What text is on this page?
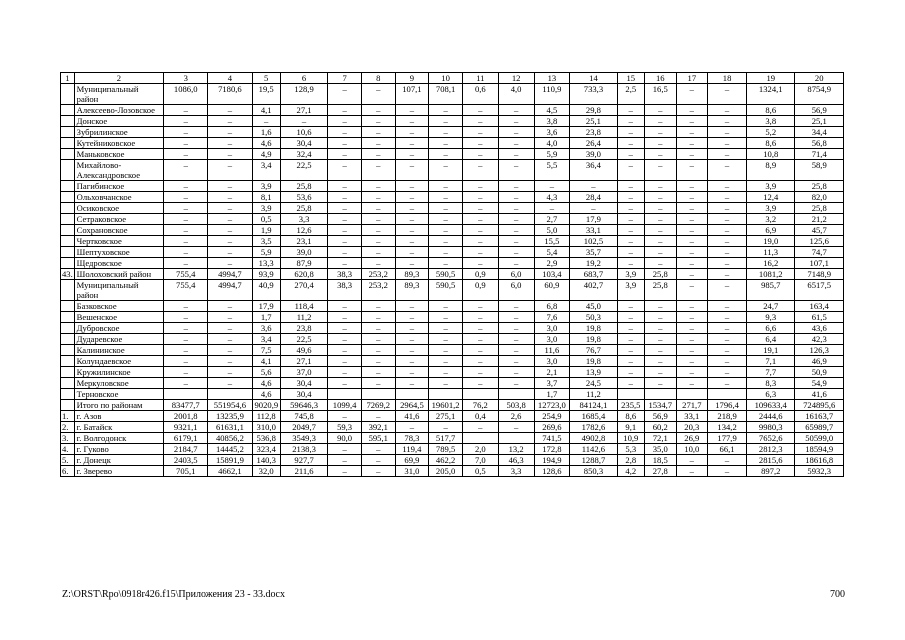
1	2	3	4	5	6	7	8	9	10	11	12	13	14	15	16	17	18	19	20
	Муниципальный район	1086,0	7180,6	19,5	128,9	–	–	107,1	708,1	0,6	4,0	110,9	733,3	2,5	16,5	–	–	1324,1	8754,9
	Алексеево-Лозовское	–	–	4,1	27,1	–	–	–	–	–	–	4,5	29,8	–	–	–	–	8,6	56,9
	Донское	–	–	–	–	–	–	–	–	–	–	3,8	25,1	–	–	–	–	3,8	25,1
	Зубрилинское	–	–	1,6	10,6	–	–	–	–	–	–	3,6	23,8	–	–	–	–	5,2	34,4
	Кутейниковское	–	–	4,6	30,4	–	–	–	–	–	–	4,0	26,4	–	–	–	–	8,6	56,8
	Маньковское	–	–	4,9	32,4	–	–	–	–	–	–	5,9	39,0	–	–	–	–	10,8	71,4
	Михайлово-Александровское	–	–	3,4	22,5	–	–	–	–	–	–	5,5	36,4	–	–	–	–	8,9	58,9
	Пагибинское	–	–	3,9	25,8	–	–	–	–	–	–	–	–	–	–	–	–	3,9	25,8
	Ольховчанское	–	–	8,1	53,6	–	–	–	–	–	–	4,3	28,4	–	–	–	–	12,4	82,0
	Осиковское	–	–	3,9	25,8	–	–	–	–	–	–	–	–	–	–	–	–	3,9	25,8
	Сетраковское	–	–	0,5	3,3	–	–	–	–	–	–	2,7	17,9	–	–	–	–	3,2	21,2
	Сохрановское	–	–	1,9	12,6	–	–	–	–	–	–	5,0	33,1	–	–	–	–	6,9	45,7
	Чертковское	–	–	3,5	23,1	–	–	–	–	–	–	15,5	102,5	–	–	–	–	19,0	125,6
	Шептуховское	–	–	5,9	39,0	–	–	–	–	–	–	5,4	35,7	–	–	–	–	11,3	74,7
	Щедровское	–	–	13,3	87,9	–	–	–	–	–	–	2,9	19,2	–	–	–	–	16,2	107,1
43.	Шолоховский район	755,4	4994,7	93,9	620,8	38,3	253,2	89,3	590,5	0,9	6,0	103,4	683,7	3,9	25,8	–	–	1081,2	7148,9
	Муниципальный район	755,4	4994,7	40,9	270,4	38,3	253,2	89,3	590,5	0,9	6,0	60,9	402,7	3,9	25,8	–	–	985,7	6517,5
	Базковское	–	–	17,9	118,4	–	–	–	–	–	–	6,8	45,0	–	–	–	–	24,7	163,4
	Вешенское	–	–	1,7	11,2	–	–	–	–	–	–	7,6	50,3	–	–	–	–	9,3	61,5
	Дубровское	–	–	3,6	23,8	–	–	–	–	–	–	3,0	19,8	–	–	–	–	6,6	43,6
	Дударевское	–	–	3,4	22,5	–	–	–	–	–	–	3,0	19,8	–	–	–	–	6,4	42,3
	Калининское	–	–	7,5	49,6	–	–	–	–	–	–	11,6	76,7	–	–	–	–	19,1	126,3
	Колундаевское	–	–	4,1	27,1	–	–	–	–	–	–	3,0	19,8	–	–	–	–	7,1	46,9
	Кружилинское	–	–	5,6	37,0	–	–	–	–	–	–	2,1	13,9	–	–	–	–	7,7	50,9
	Меркуловское	–	–	4,6	30,4	–	–	–	–	–	–	3,7	24,5	–	–	–	–	8,3	54,9
	Терновское			4,6	30,4							1,7	11,2					6,3	41,6
	Итого по районам	83477,7	551954,6	9020,9	59646,3	1099,4	7269,2	2964,5	19601,2	76,2	503,8	12723,0	84124,1	235,5	1534,7	271,7	1796,4	109633,4	724895,6
1.	г. Азов	2001,8	13235,9	112,8	745,8	–	–	41,6	275,1	0,4	2,6	254,9	1685,4	8,6	56,9	33,1	218,9	2444,6	16163,7
2.	г. Батайск	9321,1	61631,1	310,0	2049,7	59,3	392,1	–	–	–	–	269,6	1782,6	9,1	60,2	20,3	134,2	9980,3	65989,7
3.	г. Волгодонск	6179,1	40856,2	536,8	3549,3	90,0	595,1	78,3	517,7			741,5	4902,8	10,9	72,1	26,9	177,9	7652,6	50599,0
4.	г. Гуково	2184,7	14445,2	323,4	2138,3	–	–	119,4	789,5	2,0	13,2	172,8	1142,6	5,3	35,0	10,0	66,1	2812,3	18594,9
5.	г. Донецк	2403,5	15891,9	140,3	927,7	–	–	69,9	462,2	7,0	46,3	194,9	1288,7	2,8	18,5	–	–	2815,6	18616,8
6.	г. Зверево	705,1	4662,1	32,0	211,6	–	–	31,0	205,0	0,5	3,3	128,6	850,3	4,2	27,8	–	–	897,2	5932,3
Z:\ORST\Rpo\0918r426.f15\Приложения 23 - 33.docx	700
